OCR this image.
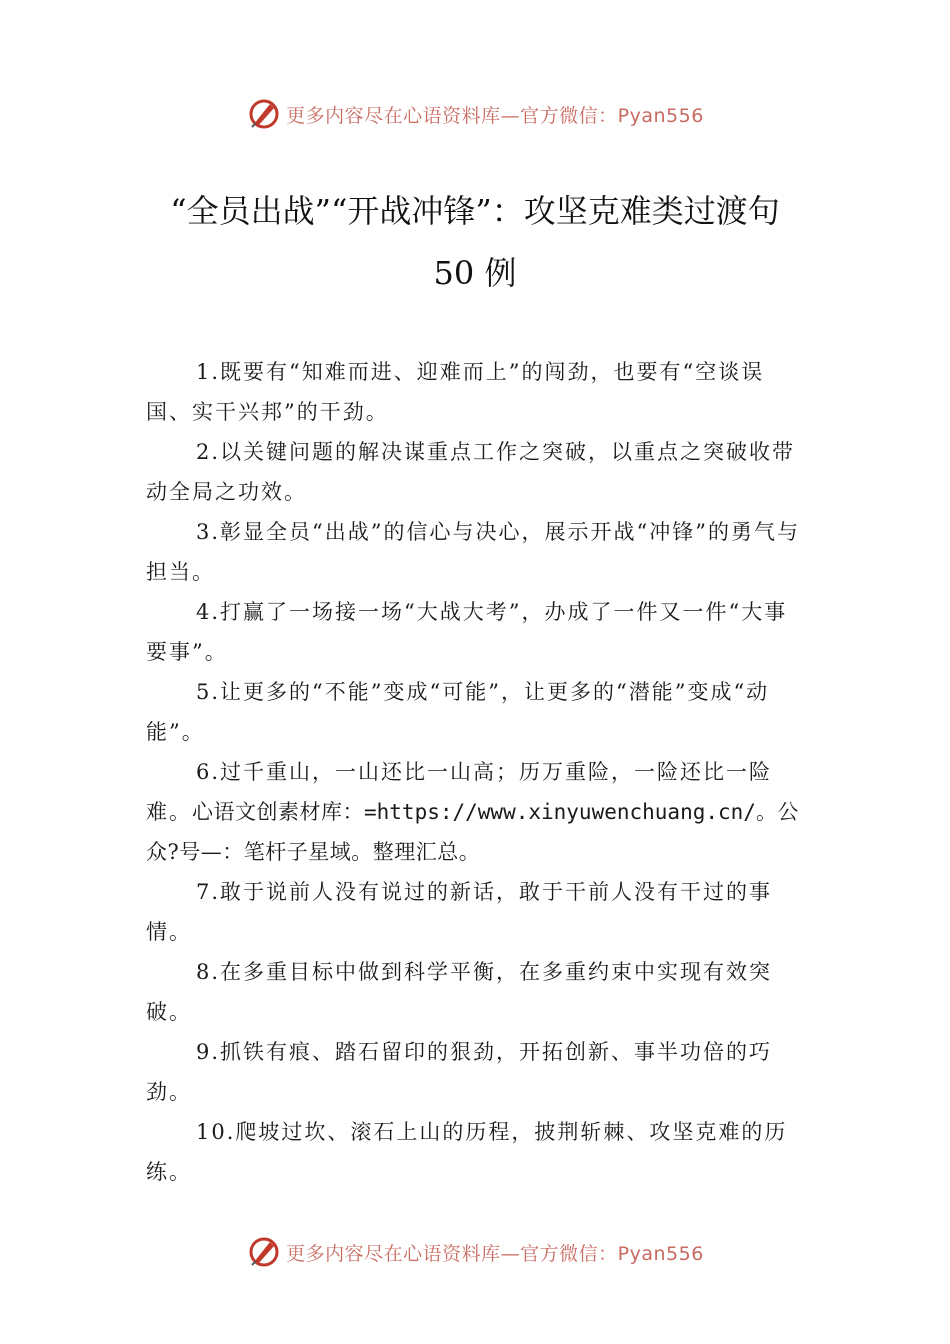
更多内容尽在心语资料库—官方微信：Pyan556
“全员出战”“开战冲锋”：攻坚克难类过渡句
50 例

1.既要有“知难而进、迎难而上”的闯劲，也要有“空谈误国、实干兴邦”的干劲。

2.以关键问题的解决谋重点工作之突破，以重点之突破收带动全局之功效。

3.彰显全员“出战”的信心与决心，展示开战“冲锋”的勇气与担当。

4.打赢了一场接一场“大战大考”，办成了一件又一件“大事要事”。

5.让更多的“不能”变成“可能”，让更多的“潜能”变成“动能”。

6.过千重山，一山还比一山高；历万重险，一险还比一险难。心语文创素材库：=https://www.xinyuwenchuang.cn/。公众?号—：笔杆子星域。整理汇总。

7.敢于说前人没有说过的新话，敢于干前人没有干过的事情。

8.在多重目标中做到科学平衡，在多重约束中实现有效突破。

9.抓铁有痕、踏石留印的狠劲，开拓创新、事半功倍的巧劲。

10.爬坡过坎、滚石上山的历程，披荆斩棘、攻坚克难的历练。

更多内容尽在心语资料库—官方微信：Pyan556
